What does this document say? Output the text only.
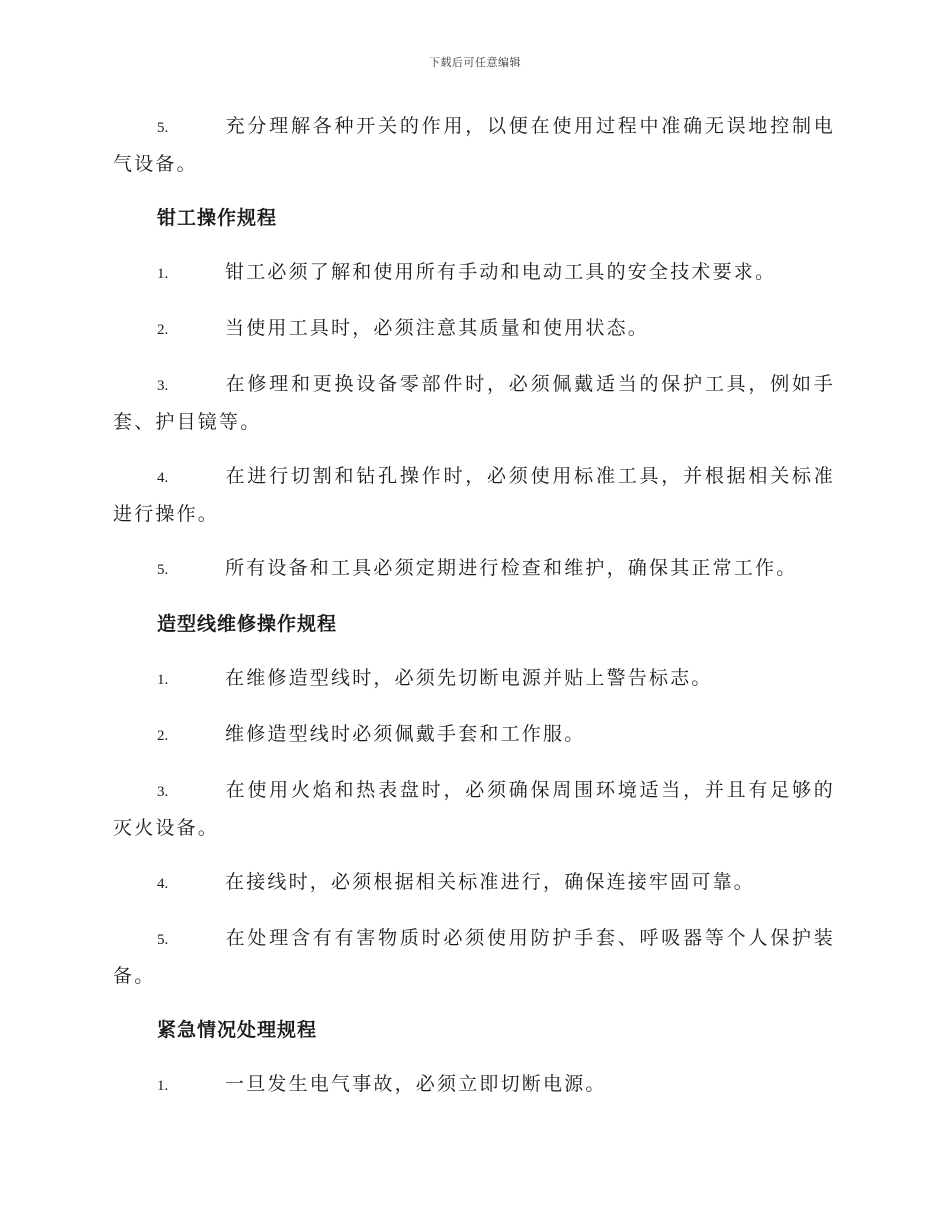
下载后可任意编辑
5.	充分理解各种开关的作用，以便在使用过程中准确无误地控制电气设备。
钳工操作规程
1.	钳工必须了解和使用所有手动和电动工具的安全技术要求。
2.	当使用工具时，必须注意其质量和使用状态。
3.	在修理和更换设备零部件时，必须佩戴适当的保护工具，例如手套、护目镜等。
4.	在进行切割和钻孔操作时，必须使用标准工具，并根据相关标准进行操作。
5.	所有设备和工具必须定期进行检查和维护，确保其正常工作。
造型线维修操作规程
1.	在维修造型线时，必须先切断电源并贴上警告标志。
2.	维修造型线时必须佩戴手套和工作服。
3.	在使用火焰和热表盘时，必须确保周围环境适当，并且有足够的灭火设备。
4.	在接线时，必须根据相关标准进行，确保连接牢固可靠。
5.	在处理含有有害物质时必须使用防护手套、呼吸器等个人保护装备。
紧急情况处理规程
1.	一旦发生电气事故，必须立即切断电源。
